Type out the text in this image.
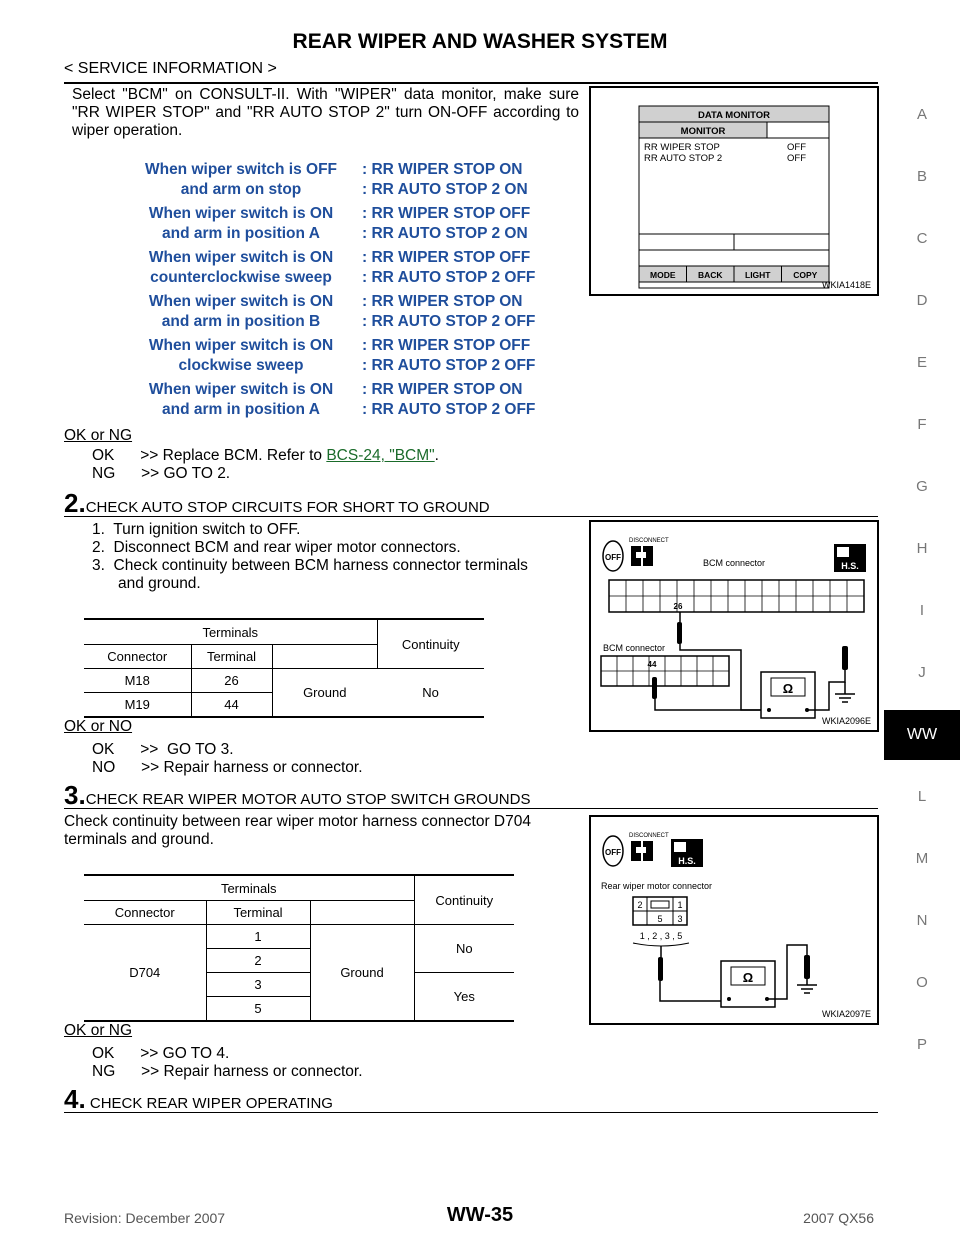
REAR WIPER AND WASHER SYSTEM
< SERVICE INFORMATION >
A
B
C
D
E
F
G
H
I
J
WW
L
M
N
O
P
Select "BCM" on CONSULT-II. With "WIPER" data monitor, make sure "RR WIPER STOP" and "RR AUTO STOP 2" turn ON-OFF according to wiper operation.
When wiper switch is OFF
and arm on stop
: RR WIPER STOP ON
: RR AUTO STOP 2 ON
When wiper switch is ON
and arm in position A
: RR WIPER STOP OFF
: RR AUTO STOP 2 ON
When wiper switch is ON
counterclockwise sweep
: RR WIPER STOP OFF
: RR AUTO STOP 2 OFF
When wiper switch is ON
and arm in position B
: RR WIPER STOP ON
: RR AUTO STOP 2 OFF
When wiper switch is ON
clockwise sweep
: RR WIPER STOP OFF
: RR AUTO STOP 2 OFF
When wiper switch is ON
and arm in position A
: RR WIPER STOP ON
: RR AUTO STOP 2 OFF
DATA MONITOR
MONITOR
RR WIPER STOP	OFF
RR AUTO STOP 2	OFF
MODE	BACK	LIGHT	COPY
WKIA1418E
OK or NG
OK      >> Replace BCM. Refer to BCS-24, "BCM".
NG      >> GO TO 2.
2.CHECK AUTO STOP CIRCUITS FOR SHORT TO GROUND
1.  Turn ignition switch to OFF.
2.  Disconnect BCM and rear wiper motor connectors.
3.  Check continuity between BCM harness connector terminals
and ground.
Terminals			Continuity
Connector	Terminal		
M18	26	Ground	No
M19	44		
OFF
DISCONNECT
H.S.
BCM connector
26
BCM connector
44
Ω
WKIA2096E
OK or NO
OK      >>  GO TO 3.
NO      >> Repair harness or connector.
3.CHECK REAR WIPER MOTOR AUTO STOP SWITCH GROUNDS
Check continuity between rear wiper motor harness connector D704
terminals and ground.
Terminals			Continuity
Connector	Terminal		
D704	1	Ground	No
	2		
	3		Yes
	5		
OFF
DISCONNECT
H.S.
Rear wiper motor connector
2	1
5 3
1 , 2 , 3 , 5
Ω
WKIA2097E
OK or NG
OK      >> GO TO 4.
NG      >> Repair harness or connector.
4. CHECK REAR WIPER OPERATING
Revision: December 2007	WW-35	2007 QX56
